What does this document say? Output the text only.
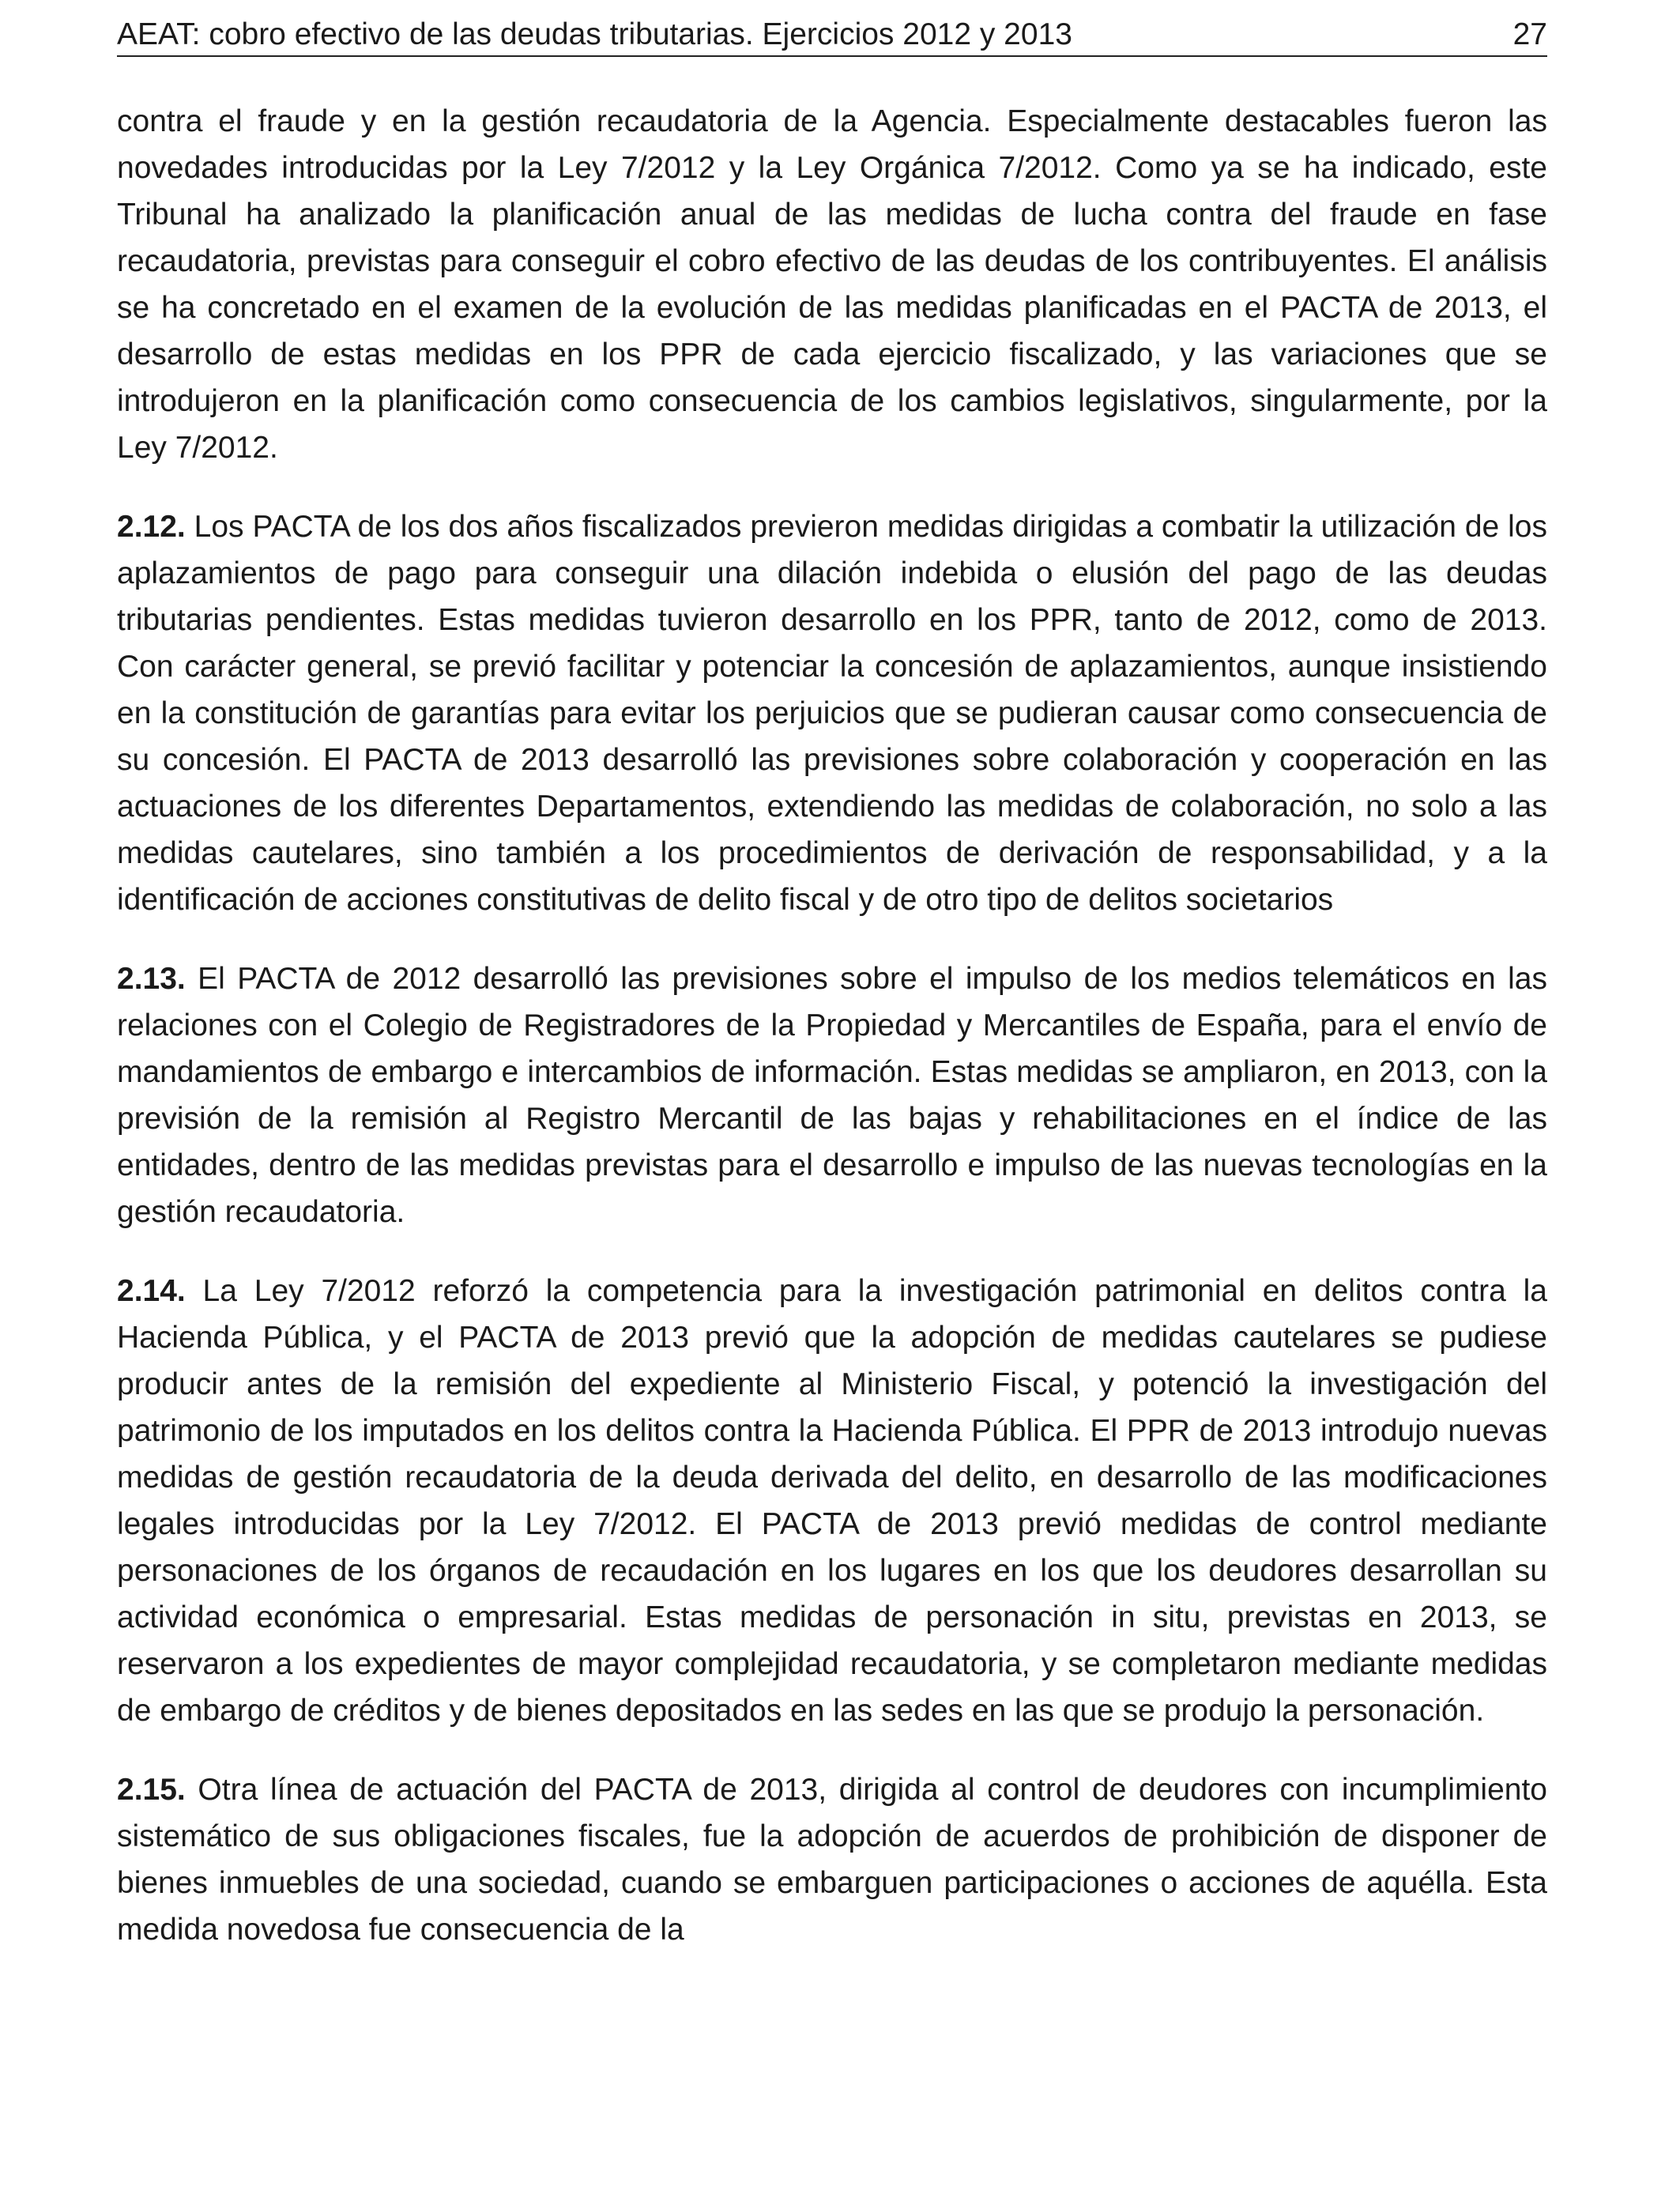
AEAT: cobro efectivo de las deudas tributarias. Ejercicios 2012 y 2013	27

contra el fraude y en la gestión recaudatoria de la Agencia. Especialmente destacables fueron las novedades introducidas por la Ley 7/2012 y la Ley Orgánica 7/2012. Como ya se ha indicado, este Tribunal ha analizado la planificación anual de las medidas de lucha contra del fraude en fase recaudatoria, previstas para conseguir el cobro efectivo de las deudas de los contribuyentes. El análisis se ha concretado en el examen de la evolución de las medidas planificadas en el PACTA de 2013, el desarrollo de estas medidas en los PPR de cada ejercicio fiscalizado, y las variaciones que se introdujeron en la planificación como consecuencia de los cambios legislativos, singularmente, por la Ley 7/2012.

2.12. Los PACTA de los dos años fiscalizados previeron medidas dirigidas a combatir la utilización de los aplazamientos de pago para conseguir una dilación indebida o elusión del pago de las deudas tributarias pendientes. Estas medidas tuvieron desarrollo en los PPR, tanto de 2012, como de 2013. Con carácter general, se previó facilitar y potenciar la concesión de aplazamientos, aunque insistiendo en la constitución de garantías para evitar los perjuicios que se pudieran causar como consecuencia de su concesión. El PACTA de 2013 desarrolló las previsiones sobre colaboración y cooperación en las actuaciones de los diferentes Departamentos, extendiendo las medidas de colaboración, no solo a las medidas cautelares, sino también a los procedimientos de derivación de responsabilidad, y a la identificación de acciones constitutivas de delito fiscal y de otro tipo de delitos societarios

2.13. El PACTA de 2012 desarrolló las previsiones sobre el impulso de los medios telemáticos en las relaciones con el Colegio de Registradores de la Propiedad y Mercantiles de España, para el envío de mandamientos de embargo e intercambios de información. Estas medidas se ampliaron, en 2013, con la previsión de la remisión al Registro Mercantil de las bajas y rehabilitaciones en el índice de las entidades, dentro de las medidas previstas para el desarrollo e impulso de las nuevas tecnologías en la gestión recaudatoria.

2.14. La Ley 7/2012 reforzó la competencia para la investigación patrimonial en delitos contra la Hacienda Pública, y el PACTA de 2013 previó que la adopción de medidas cautelares se pudiese producir antes de la remisión del expediente al Ministerio Fiscal, y potenció la investigación del patrimonio de los imputados en los delitos contra la Hacienda Pública. El PPR de 2013 introdujo nuevas medidas de gestión recaudatoria de la deuda derivada del delito, en desarrollo de las modificaciones legales introducidas por la Ley 7/2012. El PACTA de 2013 previó medidas de control mediante personaciones de los órganos de recaudación en los lugares en los que los deudores desarrollan su actividad económica o empresarial. Estas medidas de personación in situ, previstas en 2013, se reservaron a los expedientes de mayor complejidad recaudatoria, y se completaron mediante medidas de embargo de créditos y de bienes depositados en las sedes en las que se produjo la personación.

2.15. Otra línea de actuación del PACTA de 2013, dirigida al control de deudores con incumplimiento sistemático de sus obligaciones fiscales, fue la adopción de acuerdos de prohibición de disponer de bienes inmuebles de una sociedad, cuando se embarguen participaciones o acciones de aquélla. Esta medida novedosa fue consecuencia de la
